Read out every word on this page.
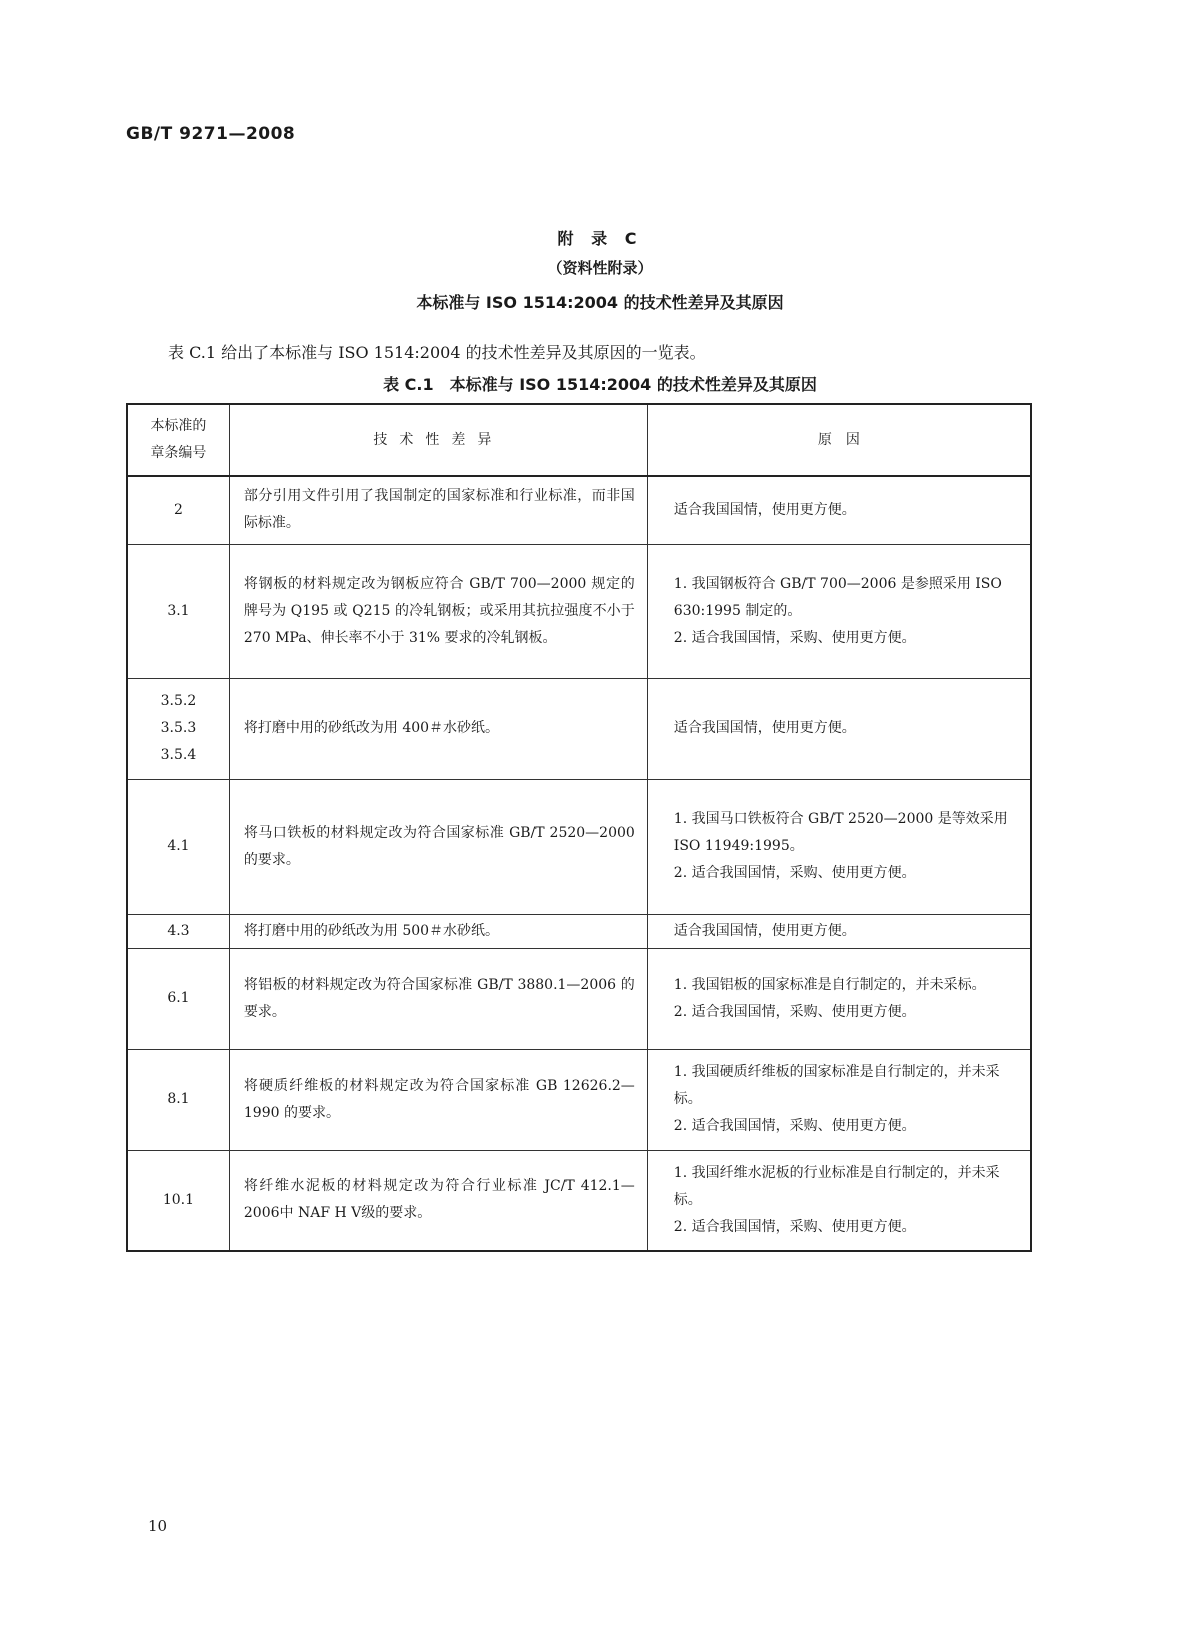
GB/T 9271—2008
附 录 C
（资料性附录）
本标准与 ISO 1514:2004 的技术性差异及其原因
表 C.1 给出了本标准与 ISO 1514:2004 的技术性差异及其原因的一览表。
表 C.1　本标准与 ISO 1514:2004 的技术性差异及其原因
本标准的
章条编号	技术性差异	原　因

2	部分引用文件引用了我国制定的国家标准和行业标准，而非国际标准。	适合我国国情，使用更方便。

3.1	将钢板的材料规定改为钢板应符合 GB/T 700—2000 规定的牌号为 Q195 或 Q215 的冷轧钢板；或采用其抗拉强度不小于 270 MPa、伸长率不小于 31% 要求的冷轧钢板。	1. 我国钢板符合 GB/T 700—2006 是参照采用 ISO 630:1995 制定的。
2. 适合我国国情，采购、使用更方便。

3.5.2
3.5.3
3.5.4	将打磨中用的砂纸改为用 400＃水砂纸。	适合我国国情，使用更方便。

4.1	将马口铁板的材料规定改为符合国家标准 GB/T 2520—2000 的要求。	1. 我国马口铁板符合 GB/T 2520—2000 是等效采用 ISO 11949:1995。
2. 适合我国国情，采购、使用更方便。

4.3	将打磨中用的砂纸改为用 500＃水砂纸。	适合我国国情，使用更方便。

6.1	将铝板的材料规定改为符合国家标准 GB/T 3880.1—2006 的要求。	1. 我国铝板的国家标准是自行制定的，并未采标。
2. 适合我国国情，采购、使用更方便。

8.1	将硬质纤维板的材料规定改为符合国家标准 GB 12626.2—1990 的要求。	1. 我国硬质纤维板的国家标准是自行制定的，并未采标。
2. 适合我国国情，采购、使用更方便。

10.1	将纤维水泥板的材料规定改为符合行业标准 JC/T 412.1—2006中 NAF H Ⅴ级的要求。	1. 我国纤维水泥板的行业标准是自行制定的，并未采标。
2. 适合我国国情，采购、使用更方便。
10
